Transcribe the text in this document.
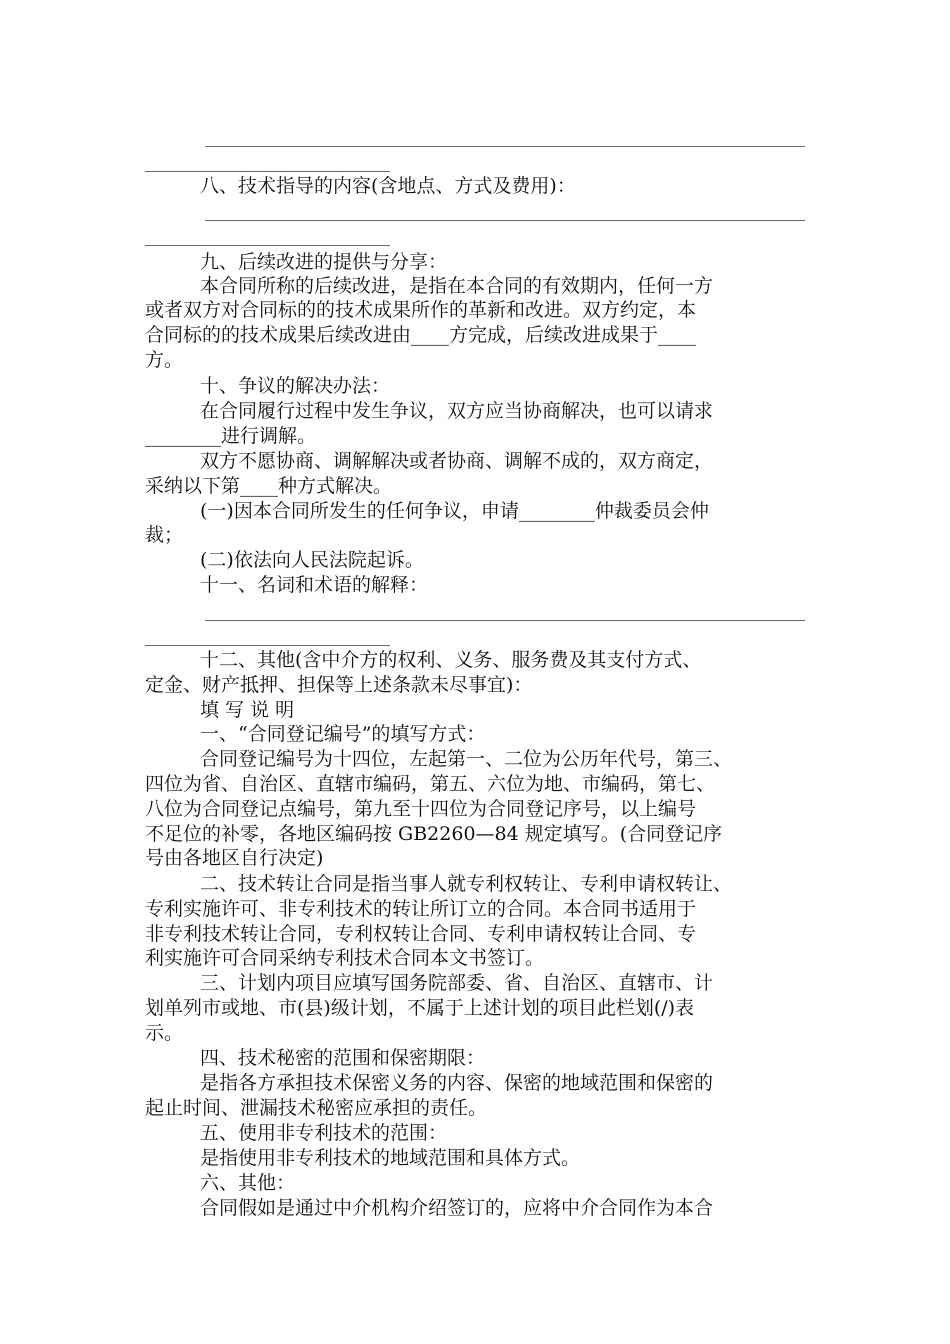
八、技术指导的内容(含地点、方式及费用)：
九、后续改进的提供与分享：
本合同所称的后续改进，是指在本合同的有效期内，任何一方
或者双方对合同标的的技术成果所作的革新和改进。双方约定，本
合同标的的技术成果后续改进由____方完成，后续改进成果于____
方。
十、争议的解决办法：
在合同履行过程中发生争议，双方应当协商解决，也可以请求
________进行调解。
双方不愿协商、调解解决或者协商、调解不成的，双方商定，
采纳以下第____种方式解决。
(一)因本合同所发生的任何争议，申请________仲裁委员会仲
裁；
(二)依法向人民法院起诉。
十一、名词和术语的解释：
十二、其他(含中介方的权利、义务、服务费及其支付方式、
定金、财产抵押、担保等上述条款未尽事宜)：
填 写 说 明
一、“合同登记编号”的填写方式：
合同登记编号为十四位，左起第一、二位为公历年代号，第三、
四位为省、自治区、直辖市编码，第五、六位为地、市编码，第七、
八位为合同登记点编号，第九至十四位为合同登记序号，以上编号
不足位的补零，各地区编码按 GB2260—84 规定填写。(合同登记序
号由各地区自行决定)
二、技术转让合同是指当事人就专利权转让、专利申请权转让、
专利实施许可、非专利技术的转让所订立的合同。本合同书适用于
非专利技术转让合同，专利权转让合同、专利申请权转让合同、专
利实施许可合同采纳专利技术合同本文书签订。
三、计划内项目应填写国务院部委、省、自治区、直辖市、计
划单列市或地、市(县)级计划，不属于上述计划的项目此栏划(/)表
示。
四、技术秘密的范围和保密期限：
是指各方承担技术保密义务的内容、保密的地域范围和保密的
起止时间、泄漏技术秘密应承担的责任。
五、使用非专利技术的范围：
是指使用非专利技术的地域范围和具体方式。
六、其他：
合同假如是通过中介机构介绍签订的，应将中介合同作为本合
